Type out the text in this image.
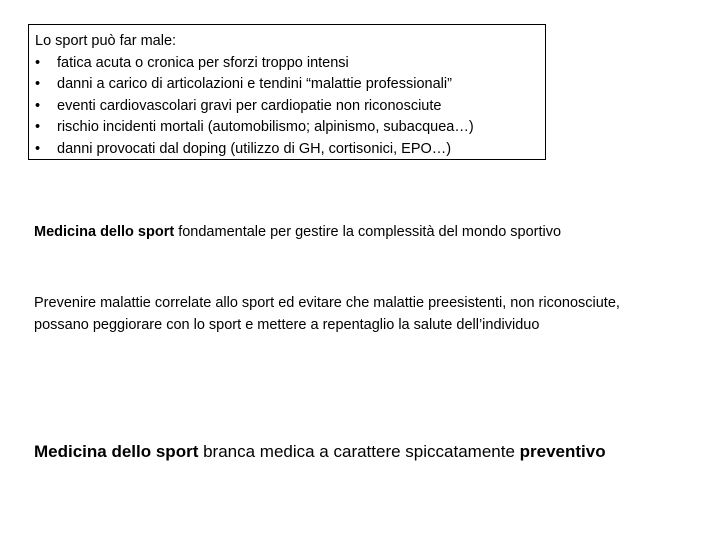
Lo sport può far male:
• fatica acuta o cronica per sforzi troppo intensi
• danni a carico di articolazioni e tendini “malattie professionali”
• eventi cardiovascolari gravi per cardiopatie non riconosciute
• rischio incidenti mortali (automobilismo; alpinismo, subacquea…)
• danni provocati dal doping (utilizzo di GH, cortisonici, EPO…)
Medicina dello sport fondamentale per gestire la complessità del mondo sportivo
Prevenire malattie correlate allo sport ed evitare che malattie preesistenti, non riconosciute, possano peggiorare con lo sport e mettere a repentaglio la salute dell’individuo
Medicina dello sport branca medica a carattere spiccatamente preventivo
